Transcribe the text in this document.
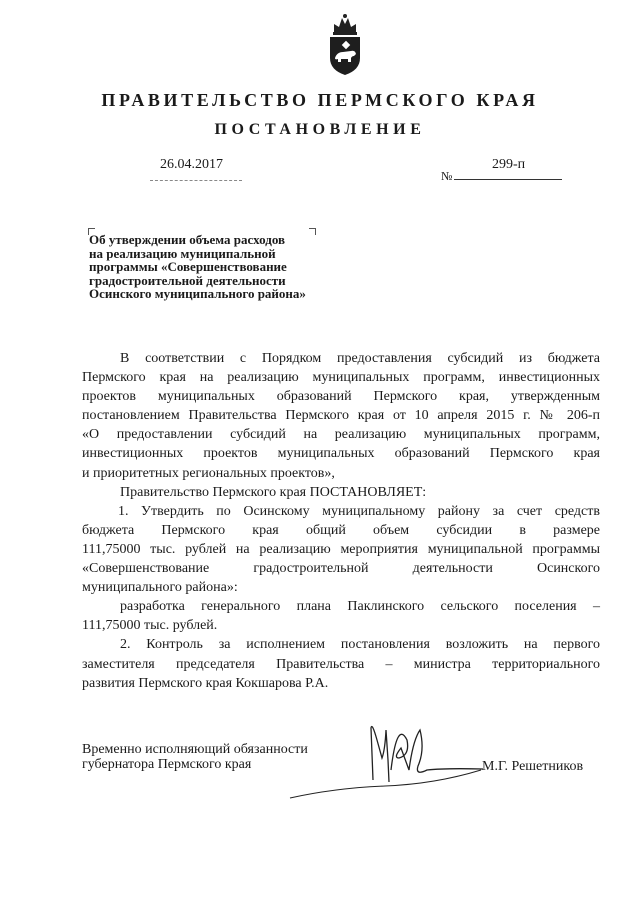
ПРАВИТЕЛЬСТВО ПЕРМСКОГО КРАЯ
ПОСТАНОВЛЕНИЕ
26.04.2017
№
299-п
Об утверждении объема расходов
на реализацию муниципальной
программы «Совершенствование
градостроительной деятельности
Осинского муниципального района»
В соответствии с Порядком предоставления субсидий из бюджета
Пермского края на реализацию муниципальных программ, инвестиционных
проектов муниципальных образований Пермского края, утвержденным
постановлением Правительства Пермского края от 10 апреля 2015 г. № 206-п
«О предоставлении субсидий на реализацию муниципальных программ,
инвестиционных проектов муниципальных образований Пермского края
и приоритетных региональных проектов»,
Правительство Пермского края ПОСТАНОВЛЯЕТ:
1. Утвердить по Осинскому муниципальному району за счет средств
бюджета Пермского края общий объем субсидии в размере
111,75000 тыс. рублей на реализацию мероприятия муниципальной программы
«Совершенствование градостроительной деятельности Осинского
муниципального района»:
разработка генерального плана Паклинского сельского поселения –
111,75000 тыс. рублей.
2. Контроль за исполнением постановления возложить на первого
заместителя председателя Правительства – министра территориального
развития Пермского края Кокшарова Р.А.
Временно исполняющий обязанности
губернатора Пермского края	М.Г. Решетников
